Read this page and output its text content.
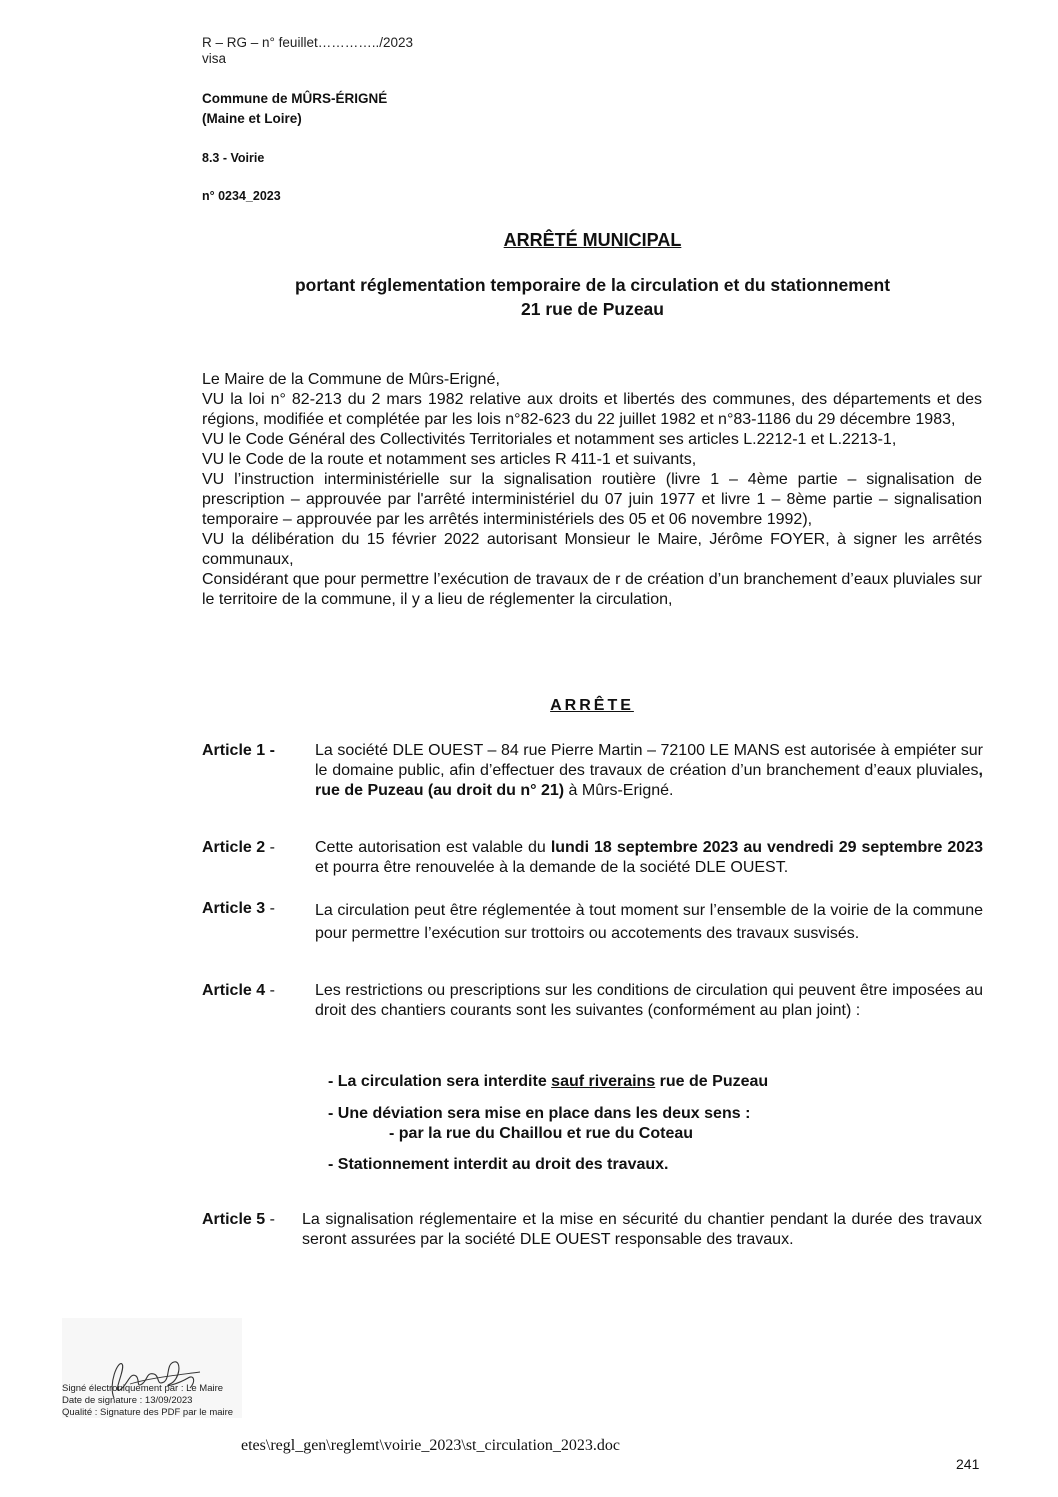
R – RG – n° feuillet…………../2023
visa
Commune de MÛRS-ÉRIGNÉ
(Maine et Loire)
8.3 - Voirie
n° 0234_2023
ARRÊTÉ MUNICIPAL
portant réglementation temporaire de la circulation et du stationnement
21 rue de Puzeau

Le Maire de la Commune de Mûrs-Erigné,

VU la loi n° 82-213 du 2 mars 1982 relative aux droits et libertés des communes, des départements et des régions, modifiée et complétée par les lois n°82-623 du 22 juillet 1982 et n°83-1186 du 29 décembre 1983,

VU le Code Général des Collectivités Territoriales et notamment ses articles L.2212-1 et L.2213-1,

VU le Code de la route et notamment ses articles R 411-1 et suivants,

VU l’instruction interministérielle sur la signalisation routière (livre 1 – 4ème partie – signalisation de prescription – approuvée par l'arrêté interministériel du 07 juin 1977 et livre 1 – 8ème partie – signalisation temporaire – approuvée par les arrêtés interministériels des 05 et 06 novembre 1992),

VU la délibération du 15 février 2022 autorisant Monsieur le Maire, Jérôme FOYER, à signer les arrêtés communaux,

Considérant que pour permettre l’exécution de travaux de r de création d’un branchement d’eaux pluviales sur le territoire de la commune, il y a lieu de réglementer la circulation,

ARRÊTE
Article 1 -	La société DLE OUEST – 84 rue Pierre Martin – 72100 LE MANS est autorisée à empiéter sur le domaine public, afin d’effectuer des travaux de création d’un branchement d’eaux pluviales, rue de Puzeau (au droit du n° 21) à Mûrs-Erigné.
Article 2 -	Cette autorisation est valable du lundi 18 septembre 2023 au vendredi 29 septembre 2023 et pourra être renouvelée à la demande de la société DLE OUEST.
Article 3 -	La circulation peut être réglementée à tout moment sur l’ensemble de la voirie de la commune pour permettre l’exécution sur trottoirs ou accotements des travaux susvisés.
Article 4 -	Les restrictions ou prescriptions sur les conditions de circulation qui peuvent être imposées au droit des chantiers courants sont les suivantes (conformément au plan joint) :
- La circulation sera interdite sauf riverains rue de Puzeau
- Une déviation sera mise en place dans les deux sens :
- par la rue du Chaillou et rue du Coteau
- Stationnement interdit au droit des travaux.
Article 5 - La signalisation réglementaire et la mise en sécurité du chantier pendant la durée des travaux seront assurées par la société DLE OUEST responsable des travaux.
Signé électroniquement par : Le Maire
Date de signature : 13/09/2023
Qualité : Signature des PDF par le maire
etes\regl_gen\reglemt\voirie_2023\st_circulation_2023.doc
241
